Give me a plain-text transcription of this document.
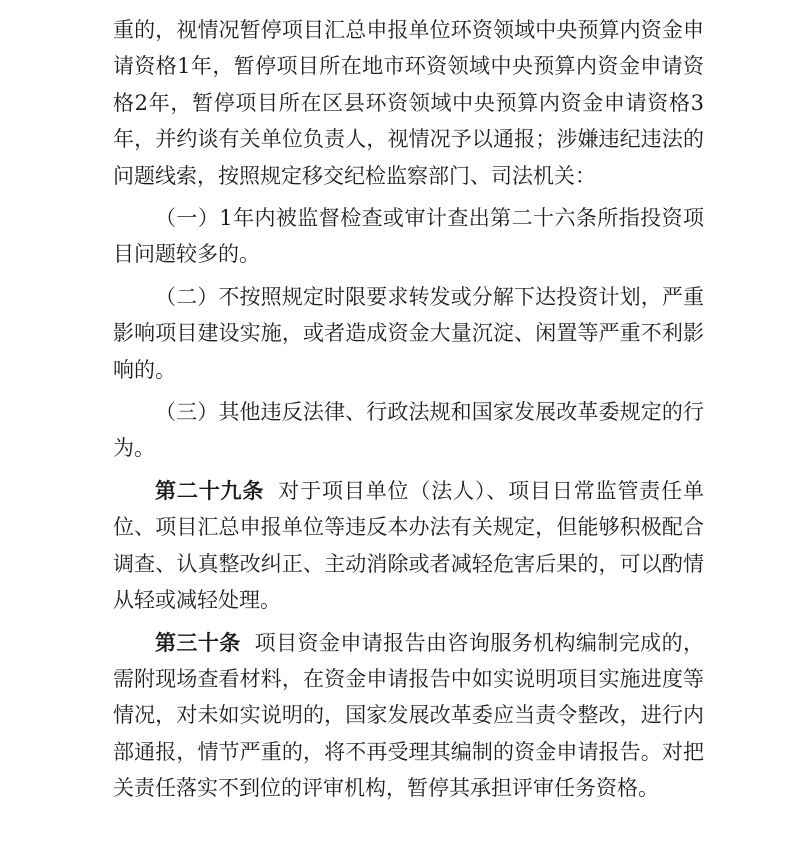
重的，视情况暂停项目汇总申报单位环资领域中央预算内资金申请资格1年，暂停项目所在地市环资领域中央预算内资金申请资格2年，暂停项目所在区县环资领域中央预算内资金申请资格3年，并约谈有关单位负责人，视情况予以通报；涉嫌违纪违法的问题线索，按照规定移交纪检监察部门、司法机关：

（一）1年内被监督检查或审计查出第二十六条所指投资项目问题较多的。

（二）不按照规定时限要求转发或分解下达投资计划，严重影响项目建设实施，或者造成资金大量沉淀、闲置等严重不利影响的。

（三）其他违反法律、行政法规和国家发展改革委规定的行为。

第二十九条 对于项目单位（法人）、项目日常监管责任单位、项目汇总申报单位等违反本办法有关规定，但能够积极配合调查、认真整改纠正、主动消除或者减轻危害后果的，可以酌情从轻或减轻处理。

第三十条 项目资金申请报告由咨询服务机构编制完成的，需附现场查看材料，在资金申请报告中如实说明项目实施进度等情况，对未如实说明的，国家发展改革委应当责令整改，进行内部通报，情节严重的，将不再受理其编制的资金申请报告。对把关责任落实不到位的评审机构，暂停其承担评审任务资格。
